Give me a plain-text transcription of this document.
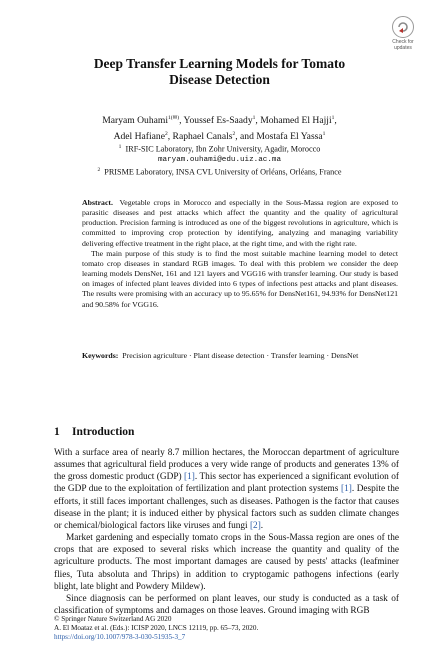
Check for
updates
Deep Transfer Learning Models for Tomato
Disease Detection
Maryam Ouhami$^{1(✉)}$, Youssef Es-Saady$^1$, Mohamed El Hajji$^1$,
Adel Hafiane$^2$, Raphael Canals$^2$, and Mostafa El Yassa$^1$
$^1$ IRF-SIC Laboratory, Ibn Zohr University, Agadir, Morocco
maryam.ouhami@edu.uiz.ac.ma
$^2$ PRISME Laboratory, INSA CVL University of Orléans, Orléans, France

Abstract. Vegetable crops in Morocco and especially in the Sous-Massa region are exposed to parasitic diseases and pest attacks which affect the quantity and the quality of agricultural production. Precision farming is introduced as one of the biggest revolutions in agriculture, which is committed to improving crop protection by identifying, analyzing and managing variability delivering effective treatment in the right place, at the right time, and with the right rate.

The main purpose of this study is to find the most suitable machine learning model to detect tomato crop diseases in standard RGB images. To deal with this problem we consider the deep learning models DensNet, 161 and 121 layers and VGG16 with transfer learning. Our study is based on images of infected plant leaves divided into 6 types of infections pest attacks and plant diseases. The results were promising with an accuracy up to 95.65% for DensNet161, 94.93% for DensNet121 and 90.58% for VGG16.

Keywords: Precision agriculture · Plant disease detection · Transfer learning · DensNet
1 Introduction

With a surface area of nearly 8.7 million hectares, the Moroccan department of agriculture assumes that agricultural field produces a very wide range of products and generates 13% of the gross domestic product (GDP) [1]. This sector has experienced a significant evolution of the GDP due to the exploitation of fertilization and plant protection systems [1]. Despite the efforts, it still faces important challenges, such as diseases. Pathogen is the factor that causes disease in the plant; it is induced either by physical factors such as sudden climate changes or chemical/biological factors like viruses and fungi [2].

Market gardening and especially tomato crops in the Sous-Massa region are ones of the crops that are exposed to several risks which increase the quantity and quality of the agriculture products. The most important damages are caused by pests' attacks (leafminer flies, Tuta absoluta and Thrips) in addition to cryptogamic pathogens infections (early blight, late blight and Powdery Mildew).

Since diagnosis can be performed on plant leaves, our study is conducted as a task of classification of symptoms and damages on those leaves. Ground imaging with RGB

© Springer Nature Switzerland AG 2020
A. El Moataz et al. (Eds.): ICISP 2020, LNCS 12119, pp. 65–73, 2020.
https://doi.org/10.1007/978-3-030-51935-3_7
